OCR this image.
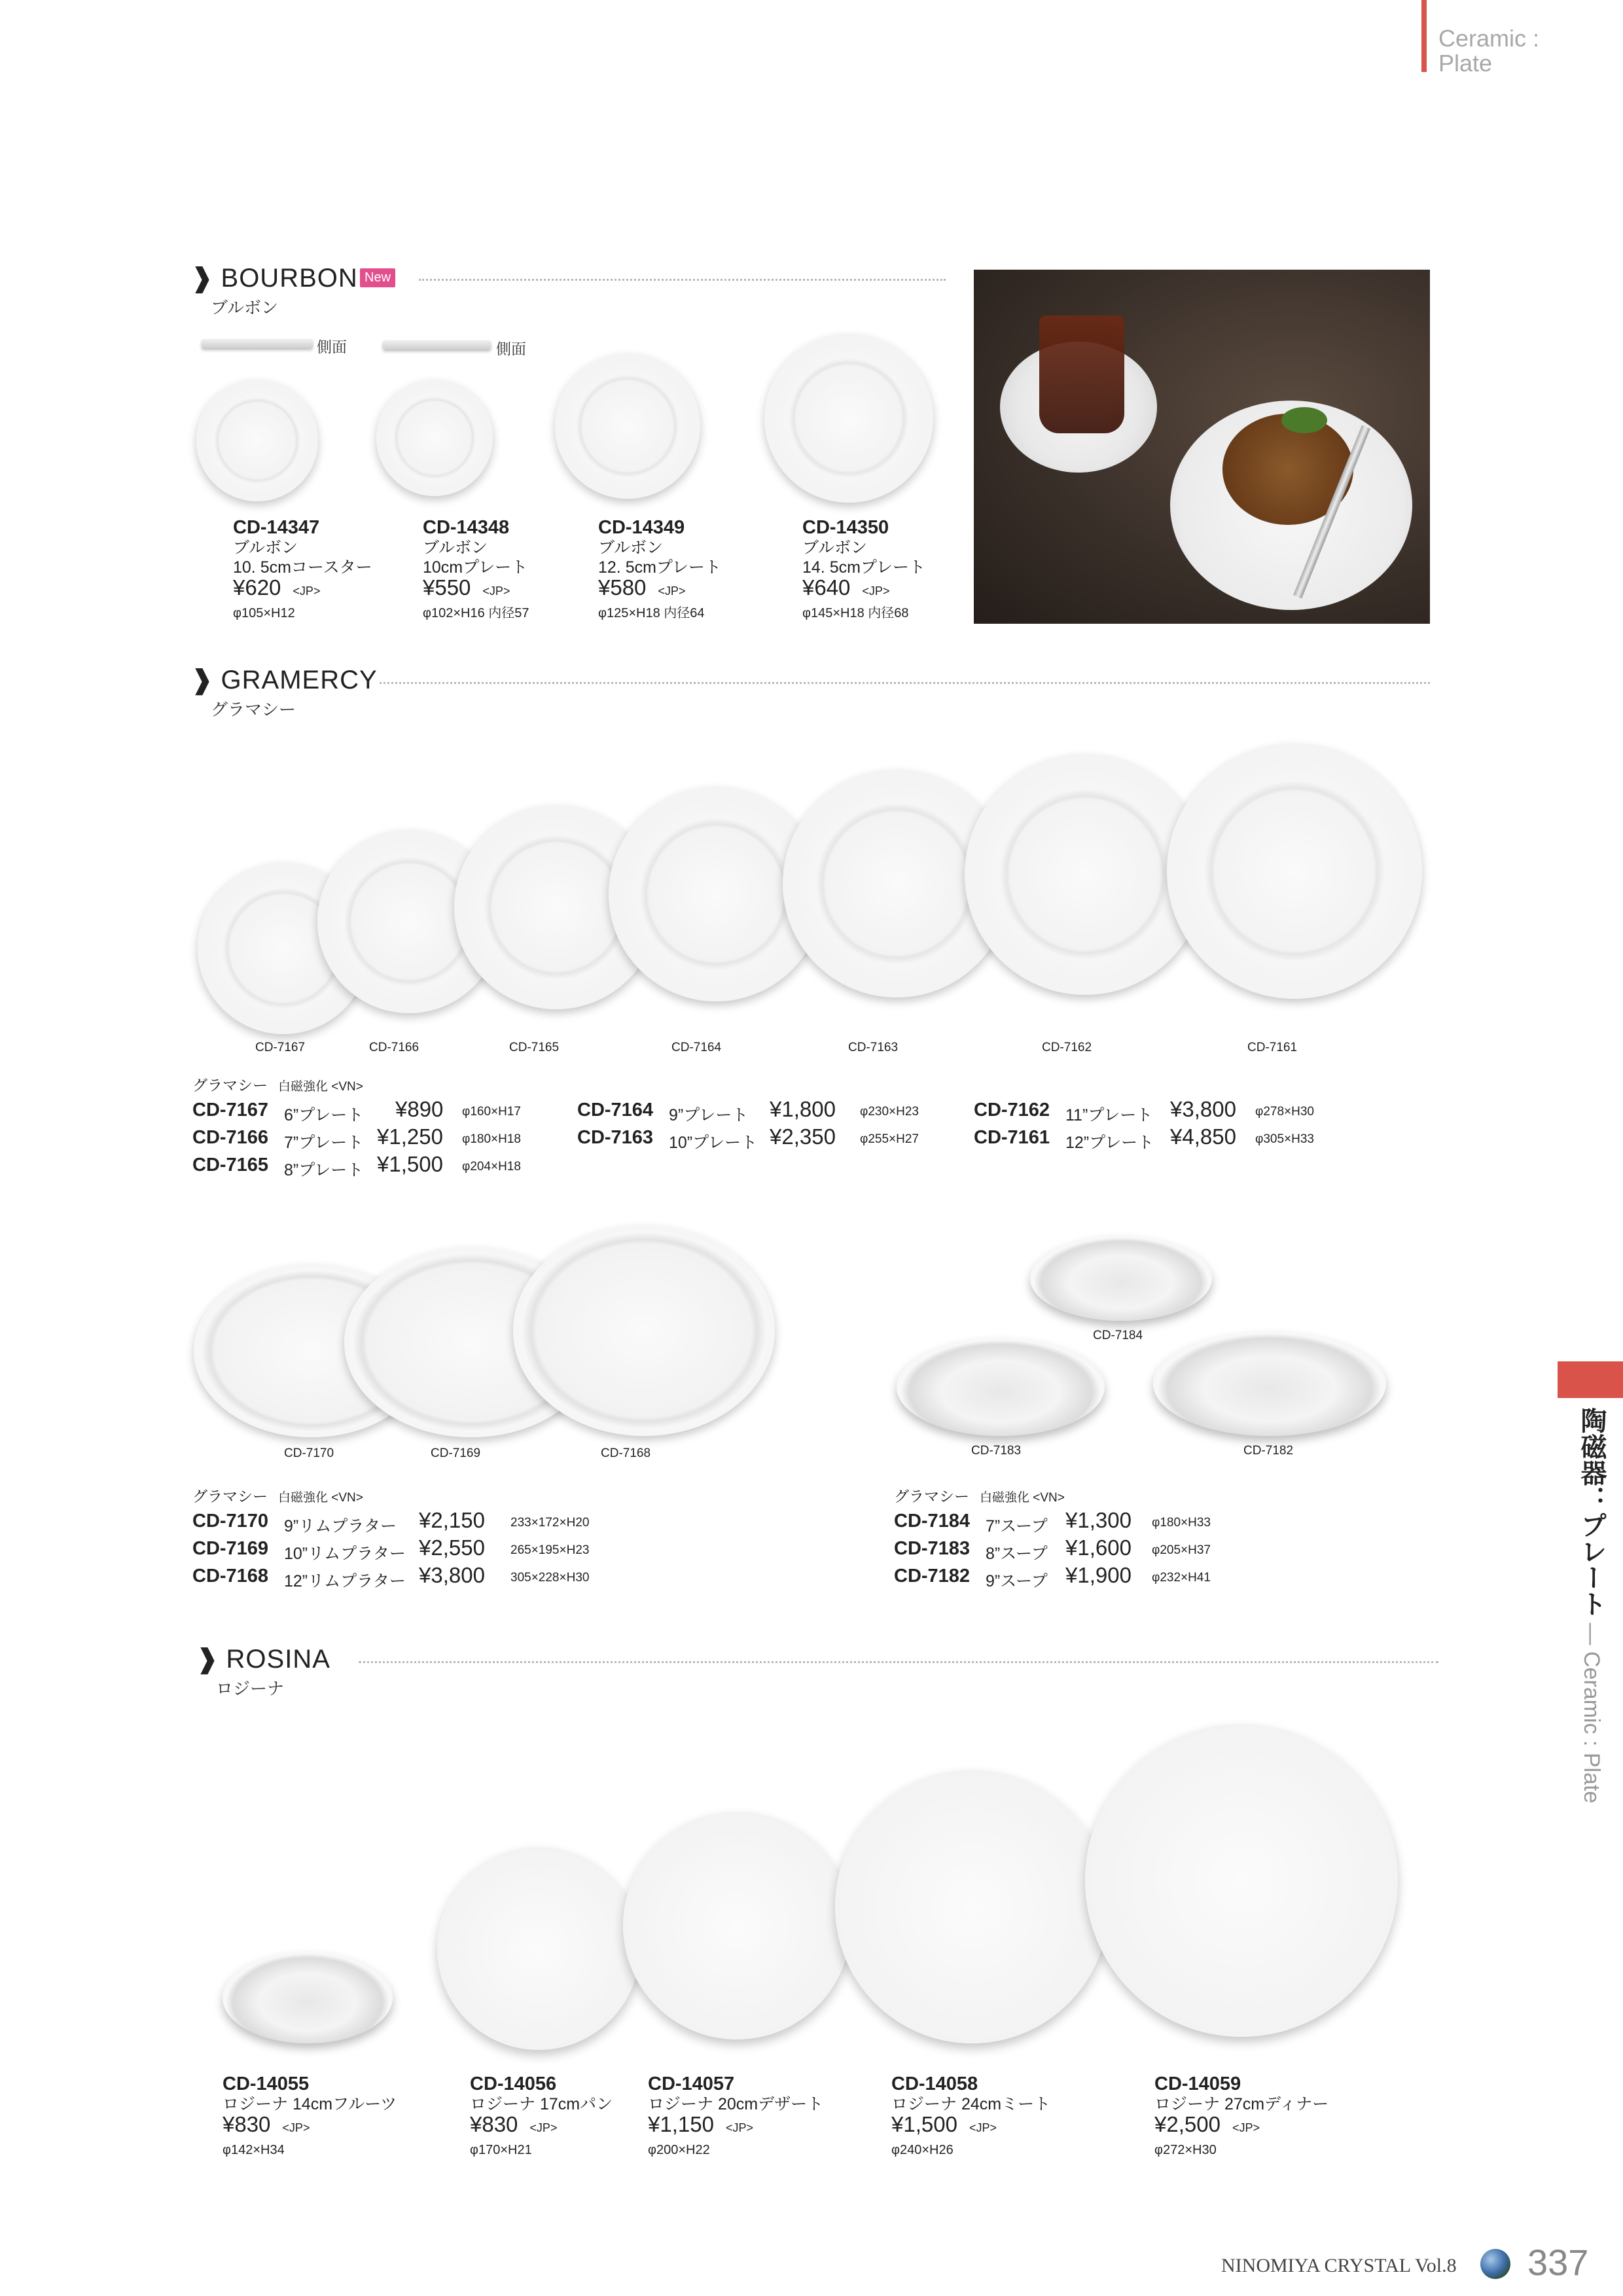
Ceramic :
Plate
❱ BOURBON
ブルボン
New
側面	側面
CD-14347
ブルボン
10. 5cmコースター
¥620 <JP>
φ105×H12
CD-14348
ブルボン
10cmプレート
¥550 <JP>
φ102×H16 内径57
CD-14349
ブルボン
12. 5cmプレート
¥580 <JP>
φ125×H18 内径64
CD-14350
ブルボン
14. 5cmプレート
¥640 <JP>
φ145×H18 内径68
❱ GRAMERCY
グラマシー
CD-7167	CD-7166	CD-7165	CD-7164	CD-7163	CD-7162	CD-7161
グラマシー 白磁強化 <VN>
CD-7167 6”プレート ¥890 φ160×H17
CD-7166 7”プレート ¥1,250 φ180×H18
CD-7165 8”プレート ¥1,500 φ204×H18
CD-7164 9”プレート ¥1,800 φ230×H23
CD-7163 10”プレート ¥2,350 φ255×H27
CD-7162 11”プレート ¥3,800 φ278×H30
CD-7161 12”プレート ¥4,850 φ305×H33
CD-7170	CD-7169	CD-7168
CD-7184
CD-7183	CD-7182
グラマシー 白磁強化 <VN>
CD-7170 9”リムプラター ¥2,150 233×172×H20
CD-7169 10”リムプラター ¥2,550 265×195×H23
CD-7168 12”リムプラター ¥3,800 305×228×H30
グラマシー 白磁強化 <VN>
CD-7184 7”スープ ¥1,300 φ180×H33
CD-7183 8”スープ ¥1,600 φ205×H37
CD-7182 9”スープ ¥1,900 φ232×H41
❱ ROSINA
ロジーナ
CD-14055
ロジーナ 14cmフルーツ
¥830 <JP>
φ142×H34
CD-14056
ロジーナ 17cmパン
¥830 <JP>
φ170×H21
CD-14057
ロジーナ 20cmデザート
¥1,150 <JP>
φ200×H22
CD-14058
ロジーナ 24cmミート
¥1,500 <JP>
φ240×H26
CD-14059
ロジーナ 27cmディナー
¥2,500 <JP>
φ272×H30
陶磁器：プレート ― Ceramic : Plate
NINOMIYA CRYSTAL Vol.8 337
